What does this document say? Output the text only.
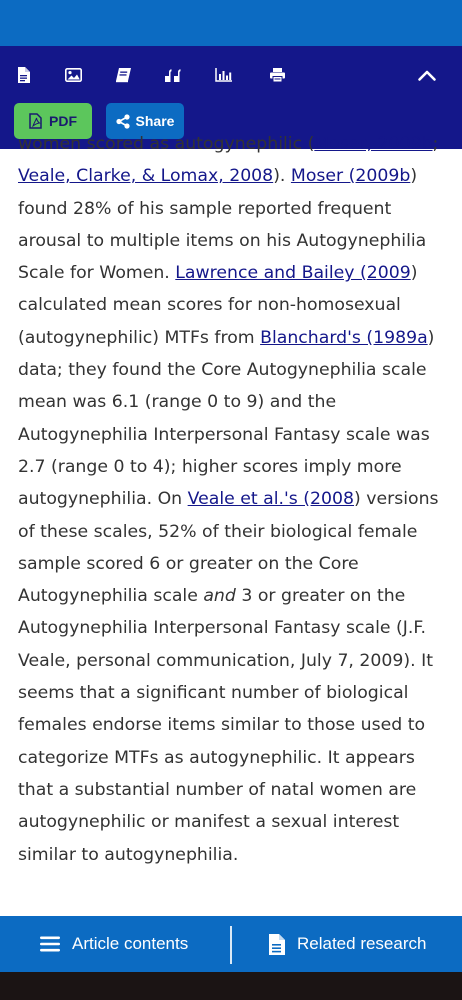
PDF	Share

women scored as autogynephilic (Moser, 2009b; Veale, Clarke, & Lomax, 2008). Moser (2009b) found 28% of his sample reported frequent arousal to multiple items on his Autogynephilia Scale for Women. Lawrence and Bailey (2009) calculated mean scores for non-homosexual (autogynephilic) MTFs from Blanchard's (1989a) data; they found the Core Autogynephilia scale mean was 6.1 (range 0 to 9) and the Autogynephilia Interpersonal Fantasy scale was 2.7 (range 0 to 4); higher scores imply more autogynephilia. On Veale et al.'s (2008) versions of these scales, 52% of their biological female sample scored 6 or greater on the Core Autogynephilia scale and 3 or greater on the Autogynephilia Interpersonal Fantasy scale (J.F. Veale, personal communication, July 7, 2009). It seems that a significant number of biological females endorse items similar to those used to categorize MTFs as autogynephilic. It appears that a substantial number of natal women are autogynephilic or manifest a sexual interest similar to autogynephilia.

Article contents	Related research
